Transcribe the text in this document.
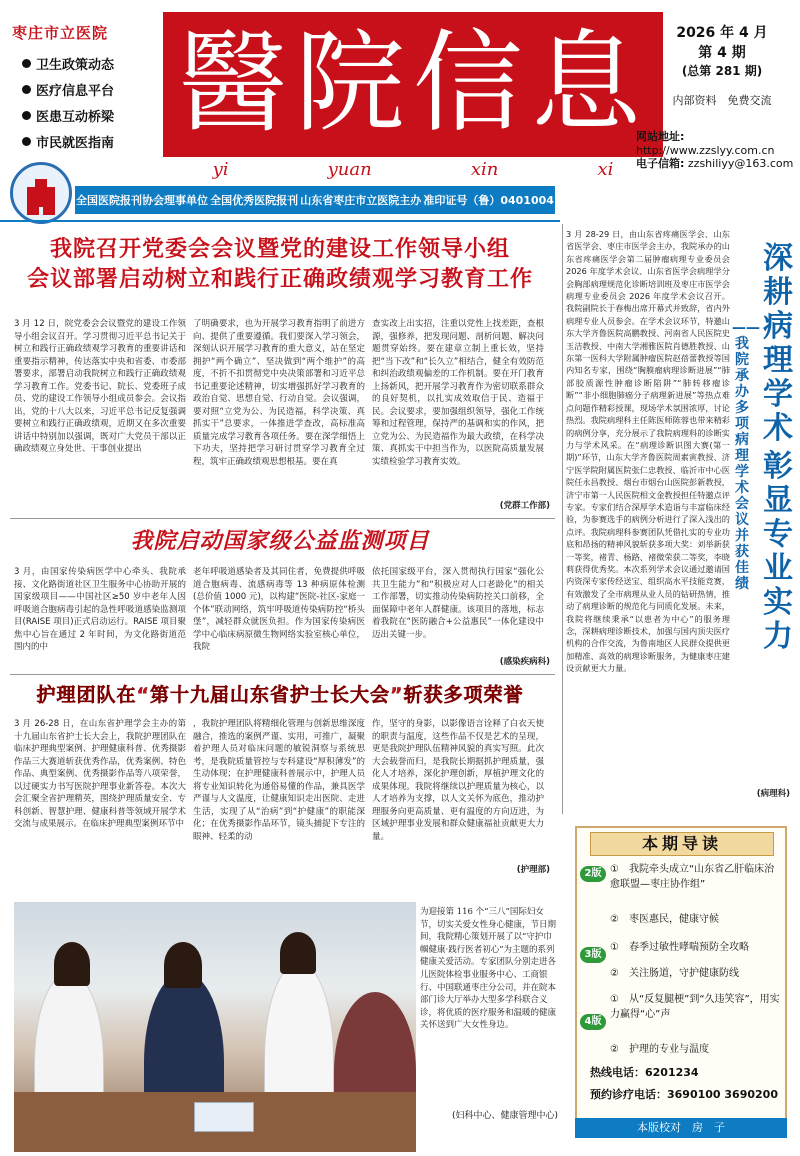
枣庄市立医院
卫生政策动态
医疗信息平台
医患互动桥梁
市民就医指南 醫院信息
yi	yuan	xin	xi
2026 年 4 月
第 4 期
(总第 281 期)
内部资料　免费交流
网站地址: http://www.zzslyy.com.cn
电子信箱: zzshiliyy@163.com
全国医院报刊协会理事单位 全国优秀医院报刊 山东省枣庄市立医院主办 准印证号（鲁）0401004
我院召开党委会会议暨党的建设工作领导小组
会议部署启动树立和践行正确政绩观学习教育工作
3 月 12 日，院党委会会议暨党的建设工作领导小组会议召开。学习贯彻习近平总书记关于树立和践行正确政绩观学习教育的重要讲话和重要指示精神，传达落实中央和省委、市委部署要求，部署启动我院树立和践行正确政绩观学习教育工作。党委书记、院长、党委班子成员、党的建设工作领导小组成员参会。会议指出，党的十八大以来，习近平总书记反复强调要树立和践行正确政绩观，近期又在多次重要讲话中特别加以强调，既对广大党员干部以正确政绩观立身处世、干事创业提出
了明确要求，也为开展学习教育指明了前进方向、提供了重要遵循。我们要深入学习领会，深刻认识开展学习教育的重大意义，站在坚定拥护“两个确立”、坚决做到“两个维护”的高度，不折不扣贯彻党中央决策部署和习近平总书记重要论述精神，切实增强抓好学习教育的政治自觉、思想自觉、行动自觉。会议强调，要对照“立党为公、为民造福，科学决策、真抓实干”总要求，一体推进学查改，高标准高质量完成学习教育各项任务。要在深学细悟上下功夫，坚持把学习研讨贯穿学习教育全过程，筑牢正确政绩观思想根基。要在真
查实改上出实招，注重以党性上找差距，查根源，强修养，把发现问题、剖析问题、解决问题贯穿始终。要在建章立制上重长效，坚持把“当下改”和“长久立”相结合，健全有效防范和纠治政绩观偏差的工作机制。要在开门教育上扬新风，把开展学习教育作为密切联系群众的良好契机，以扎实成效取信于民、造福于民。会议要求，要加强组织领导，强化工作统筹和过程管理，保持严的基调和实的作风，把立党为公、为民造福作为最大政绩，在科学决策、真抓实干中担当作为，以医院高质量发展实绩检验学习教育实效。
(党群工作部)
我院启动国家级公益监测项目
3 月，由国家传染病医学中心牵头、我院承接、文化路街道社区卫生服务中心协助开展的国家级项目——中国社区≥50 岁中老年人因呼吸道合胞病毒引起的急性呼吸道感染监测项目(RAISE 项目)正式启动运行。RAISE 项目聚焦中心旨在通过 2 年时间，为文化路街道范围内的中
老年呼吸道感染者及其同住者，免费提供呼吸道合胞病毒、流感病毒等 13 种病原体检测(总价值 1000 元)，以构建“医院-社区-家庭一个体”联动网络，筑牢呼吸道传染病防控“桥头堡”，减轻群众就医负担。作为国家传染病医学中心临床病原微生物网络实验室核心单位，我院
依托国家级平台，深入贯彻执行国家“强化公共卫生能力”和“积极应对人口老龄化”的相关工作部署，切实推动传染病防控关口前移，全面保障中老年人群健康。该项目的落地，标志着我院在“医防融合+公益惠民”一体化建设中迈出关键一步。
(感染疾病科)
护理团队在“第十九届山东省护士长大会”斩获多项荣誉
3 月 26-28 日，在山东省护理学会主办的第十九届山东省护士长大会上，我院护理团队在临床护理典型案例、护理健康科普、优秀摄影作品三大赛道斩获优秀作品，优秀案例、特色作品、典型案例、优秀摄影作品等八项荣誉，以过硬实力书写医院护理事业新答卷。本次大会汇聚全省护理精英，围绕护理质量安全、专科创新、智慧护理、健康科普等领域开展学术交流与成果展示。在临床护理典型案例环节中
，我院护理团队将精细化管理与创新思维深度融合，推选的案例严谨、实用，可推广，凝聚着护理人员对临床问题的敏锐洞察与系统思考，是我院质量管控与专科建设“厚积薄发”的生动体现；在护理健康科普展示中，护理人员将专业知识转化为通俗易懂的作品，兼具医学严谨与人文温度，让健康知识走出医院、走进生活，实现了从“治病”到“护健康”的职能深化；在优秀摄影作品环节，镜头捕捉下专注的眼神、轻柔的动
作，坚守的身影，以影像语言诠释了白衣天使的职责与温度，这些作品不仅是艺术的呈现，更是我院护理队伍精神风貌的真实写照。此次大会载誉而归，是我院长期据抓护理质量，强化人才培养，深化护理创新，厚植护理文化的成果体现。我院将继续以护理质量为核心，以人才培养为支撑，以人文关怀为底色，推动护理服务向更高质量、更有温度的方向迈进，为区域护理事业发展和群众健康福祉贡献更大力量。
(护理部)
为迎接第 116 个“三八”国际妇女节，切实关爱女性身心健康，节日期间，我院精心策划开展了以“守护巾帼健康·践行医者初心”为主题的系列健康关爱活动。专家团队分别走进各儿医院体检事业服务中心、工商银行、中国联通枣庄分公司，并在院本部门诊大厅举办大型多学科联合义诊，将优质的医疗服务和温暖的健康关怀送到广大女性身边。
(妇科中心、健康管理中心)
3 月 28-29 日，由山东省疼痛医学会、山东省医学会、枣庄市医学会主办，我院承办的山东省疼痛医学会第二届肿瘤病理专业委员会 2026 年度学术会议、山东省医学会病理学分会胸部病理规范化诊断培训班及枣庄市医学会病理专业委员会 2026 年度学术会议召开。我院副院长于春梅出席开幕式并致辞，省内外病理专业人员参会。在学术会议环节，特邀山东大学齐鲁医院高鹏教授、河南省人民医院史玉洁教授、中南大学湘雅医院肖德胜教授、山东第一医科大学附属肿瘤医院赵蓓蕾教授等国内知名专家，围绕“胸膜瘤病理诊断进展”“肺部胶质源性肿瘤诊断陷阱”“肺转移瘤诊断”“非小细胞肺癌分子病理新进展”等热点难点问题作精彩授课，现场学术氛围浓厚，讨论热烈。我院病理科主任陈医师陈蓉也带来精彩的病例分享，充分展示了我院病理科的诊断实力与学术风采。在“病理诊断识图大赛(第一期)”环节，山东大学齐鲁医院周素寅教授、济宁医学院附属医院张仁忠教授、临沂市中心医院任永昌教授、烟台市烟台山医院彭新教授，济宁市第一人民医院相文金教授担任特邀点评专家。专家们结合深厚学术造诣与丰富临床经验，为参赛选手的病例分析进行了深入浅出的点评。我院病理科参赛团队凭借扎实的专业功底和昂扬的精神风貌斩获多项大奖：刘举新获一等奖，褚青、杨路、褚微荣获二等奖，李晓莉获得优秀奖。本次系列学术会议通过邀请国内资深专家传经送宝、组织高水平技能竞赛，有效激发了全市病理从业人员的钻研热情，推动了病理诊断的规范化与同质化发展。未来，我院将继续秉承“以患者为中心”的服务理念，深耕病理诊断技术，加强与国内顶尖医疗机构的合作交流，为鲁南地区人民群众提供更加精准、高效的病理诊断服务，为健康枣庄建设贡献更大力量。
(病理科)
深耕病理学术
——我院承办多项病理学术会议并获佳绩
彰显专业实力
本期导读
2版 ①　我院牵头成立“山东省乙肝临床治愈联盟—枣庄协作组”
②　枣医惠民，健康守候
3版
①　春季过敏性哮喘预防全攻略
②　关注肠道，守护健康防线
4版
①　从“反复腿梗”到“久违笑容”，用实力赢得“心”声
②　护理的专业与温度
热线电话：6201234
预约诊疗电话：3690100 3690200
本版校对　房　子
